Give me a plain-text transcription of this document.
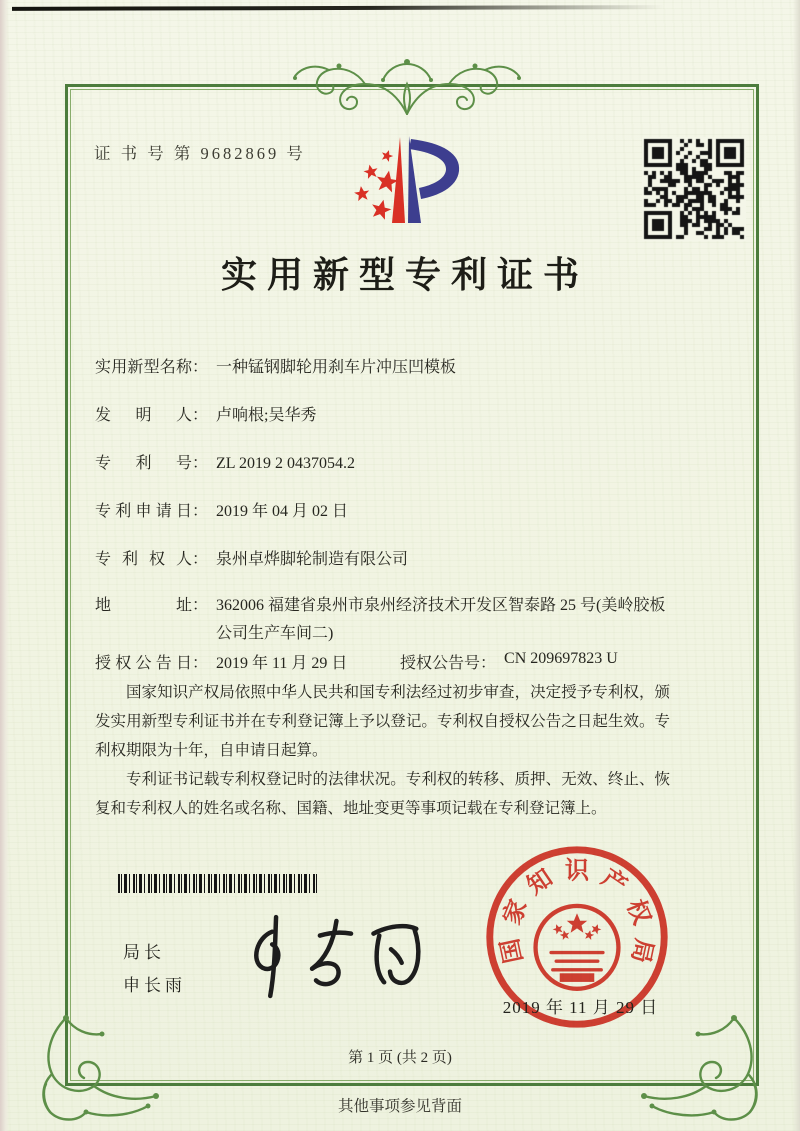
证 书 号 第 9682869 号
实用新型专利证书
实用新型名称 ： 一种锰钢脚轮用刹车片冲压凹模板
发明人 ： 卢响根;吴华秀
专利号 ： ZL 2019 2 0437054.2
专利申请日 ： 2019 年 04 月 02 日
专利权人 ： 泉州卓烨脚轮制造有限公司
地址 ： 362006 福建省泉州市泉州经济技术开发区智泰路 25 号(美岭胶板公司生产车间二)
授权公告日 ： 2019 年 11 月 29 日	授权公告号 ： CN 209697823 U

国家知识产权局依照中华人民共和国专利法经过初步审查，决定授予专利权，颁发实用新型专利证书并在专利登记簿上予以登记。专利权自授权公告之日起生效。专利权期限为十年，自申请日起算。

专利证书记载专利权登记时的法律状况。专利权的转移、质押、无效、终止、恢复和专利权人的姓名或名称、国籍、地址变更等事项记载在专利登记簿上。

局长
申长雨
国
家
知 识 产
权
局
2019 年 11 月 29 日
第 1 页 (共 2 页)
其他事项参见背面
